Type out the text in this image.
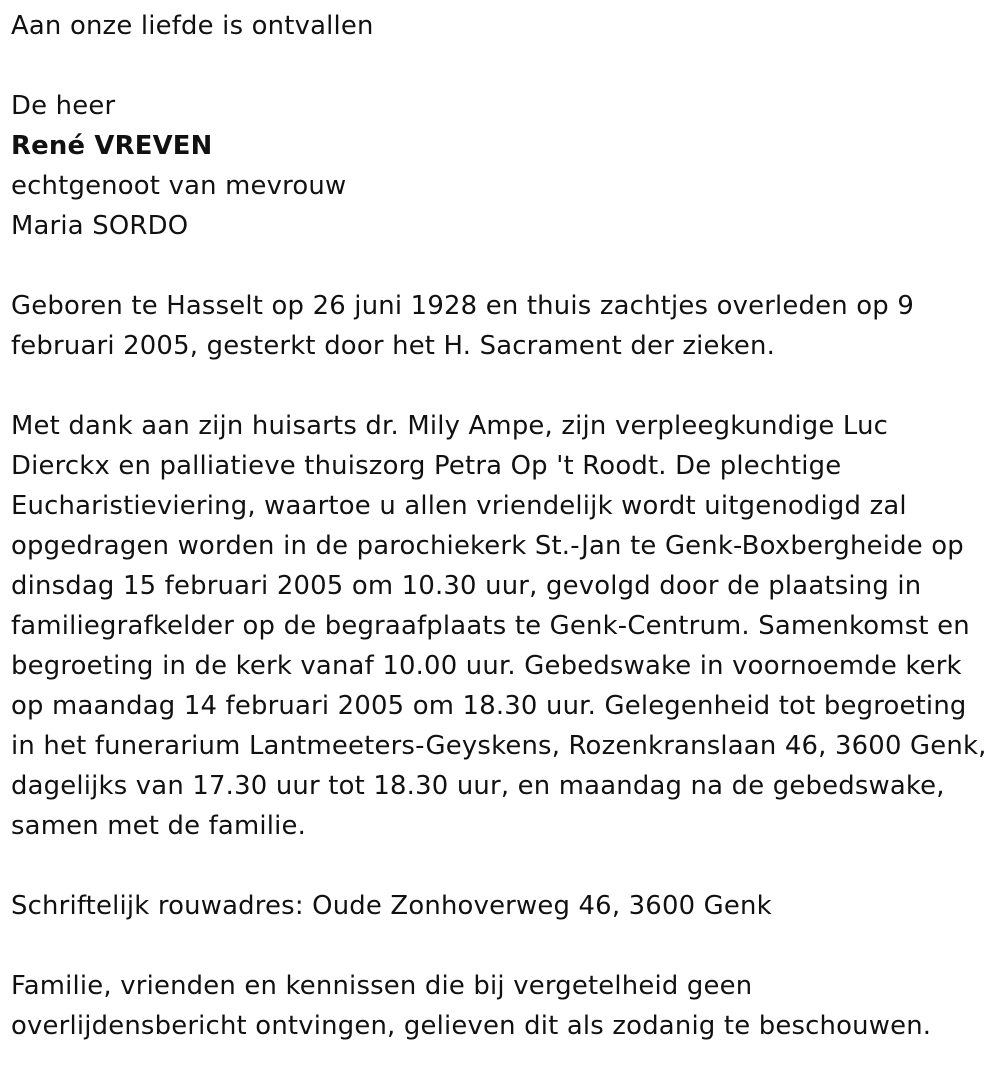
Aan onze liefde is ontvallen

De heer

René VREVEN

echtgenoot van mevrouw

Maria SORDO

Geboren te Hasselt op 26 juni 1928 en thuis zachtjes overleden op 9
februari 2005, gesterkt door het H. Sacrament der zieken.
Met dank aan zijn huisarts dr. Mily Ampe, zijn verpleegkundige Luc
Dierckx en palliatieve thuiszorg Petra Op 't Roodt. De plechtige
Eucharistieviering, waartoe u allen vriendelijk wordt uitgenodigd zal
opgedragen worden in de parochiekerk St.-Jan te Genk-Boxbergheide op
dinsdag 15 februari 2005 om 10.30 uur, gevolgd door de plaatsing in
familiegrafkelder op de begraafplaats te Genk-Centrum. Samenkomst en
begroeting in de kerk vanaf 10.00 uur. Gebedswake in voornoemde kerk
op maandag 14 februari 2005 om 18.30 uur. Gelegenheid tot begroeting
in het funerarium Lantmeeters-Geyskens, Rozenkranslaan 46, 3600 Genk,
dagelijks van 17.30 uur tot 18.30 uur, en maandag na de gebedswake,
samen met de familie.
Schriftelijk rouwadres: Oude Zonhoverweg 46, 3600 Genk
Familie, vrienden en kennissen die bij vergetelheid geen
overlijdensbericht ontvingen, gelieven dit als zodanig te beschouwen.
